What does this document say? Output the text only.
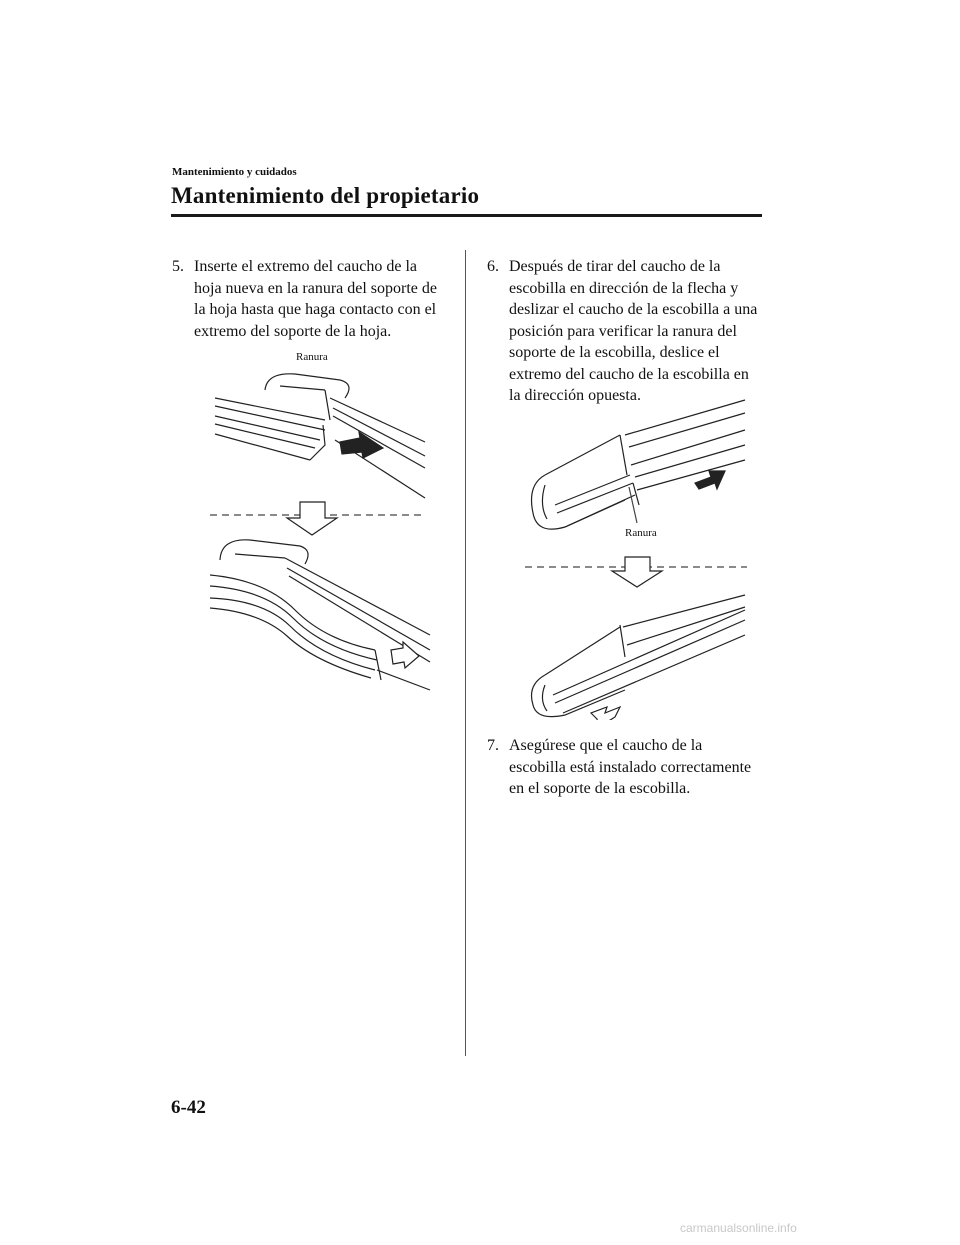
Mantenimiento y cuidados
Mantenimiento del propietario
5. Inserte el extremo del caucho de la hoja nueva en la ranura del soporte de la hoja hasta que haga contacto con el extremo del soporte de la hoja.
6. Después de tirar del caucho de la escobilla en dirección de la flecha y deslizar el caucho de la escobilla a una posición para verificar la ranura del soporte de la escobilla, deslice el extremo del caucho de la escobilla en la dirección opuesta.
7. Asegúrese que el caucho de la escobilla está instalado correctamente en el soporte de la escobilla.
Ranura
Ranura
6-42
carmanualsonline.info
